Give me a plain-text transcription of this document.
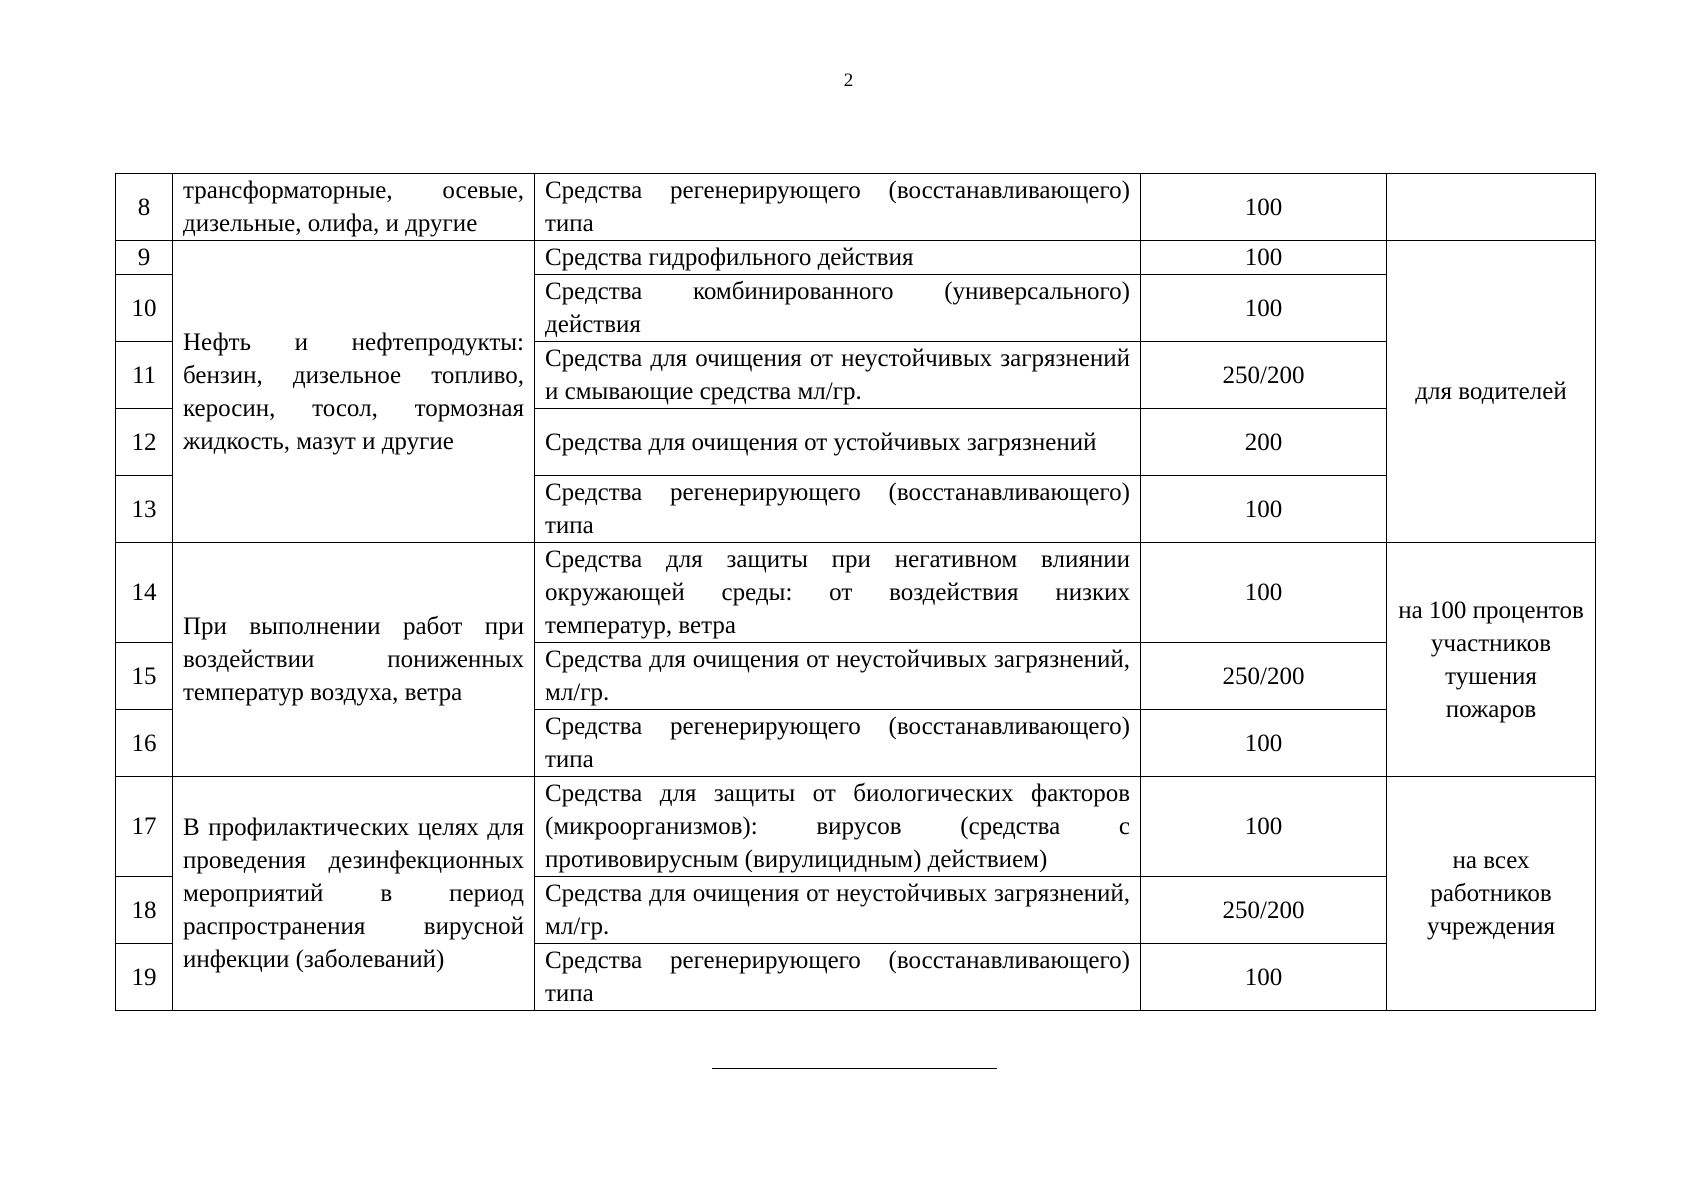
2
8	трансформаторные, осевые, дизельные, олифа, и другие	Средства регенерирующего (восстанавливающего) типа	100	
9	Нефть и нефтепродукты: бензин, дизельное топливо, керосин, тосол, тормозная жидкость, мазут и другие	Средства гидрофильного действия	100	для водителей
10		Средства комбинированного (универсального) действия	100	
11		Средства для очищения от неустойчивых загрязнений и смывающие средства мл/гр.	250/200	
12		Средства для очищения от устойчивых загрязнений	200	
13		Средства регенерирующего (восстанавливающего) типа	100	
14	При выполнении работ при воздействии пониженных температур воздуха, ветра	Средства для защиты при негативном влиянии окружающей среды: от воздействия низких температур, ветра	100	на 100 процентов участников тушения пожаров
15		Средства для очищения от неустойчивых загрязнений, мл/гр.	250/200	
16		Средства регенерирующего (восстанавливающего) типа	100	
17	В профилактических целях для проведения дезинфекционных мероприятий в период распространения вирусной инфекции (заболеваний)	Средства для защиты от биологических факторов (микроорганизмов): вирусов (средства с противовирусным (вирулицидным) действием)	100	на всех работников учреждения
18		Средства для очищения от неустойчивых загрязнений, мл/гр.	250/200	
19		Средства регенерирующего (восстанавливающего) типа	100	
